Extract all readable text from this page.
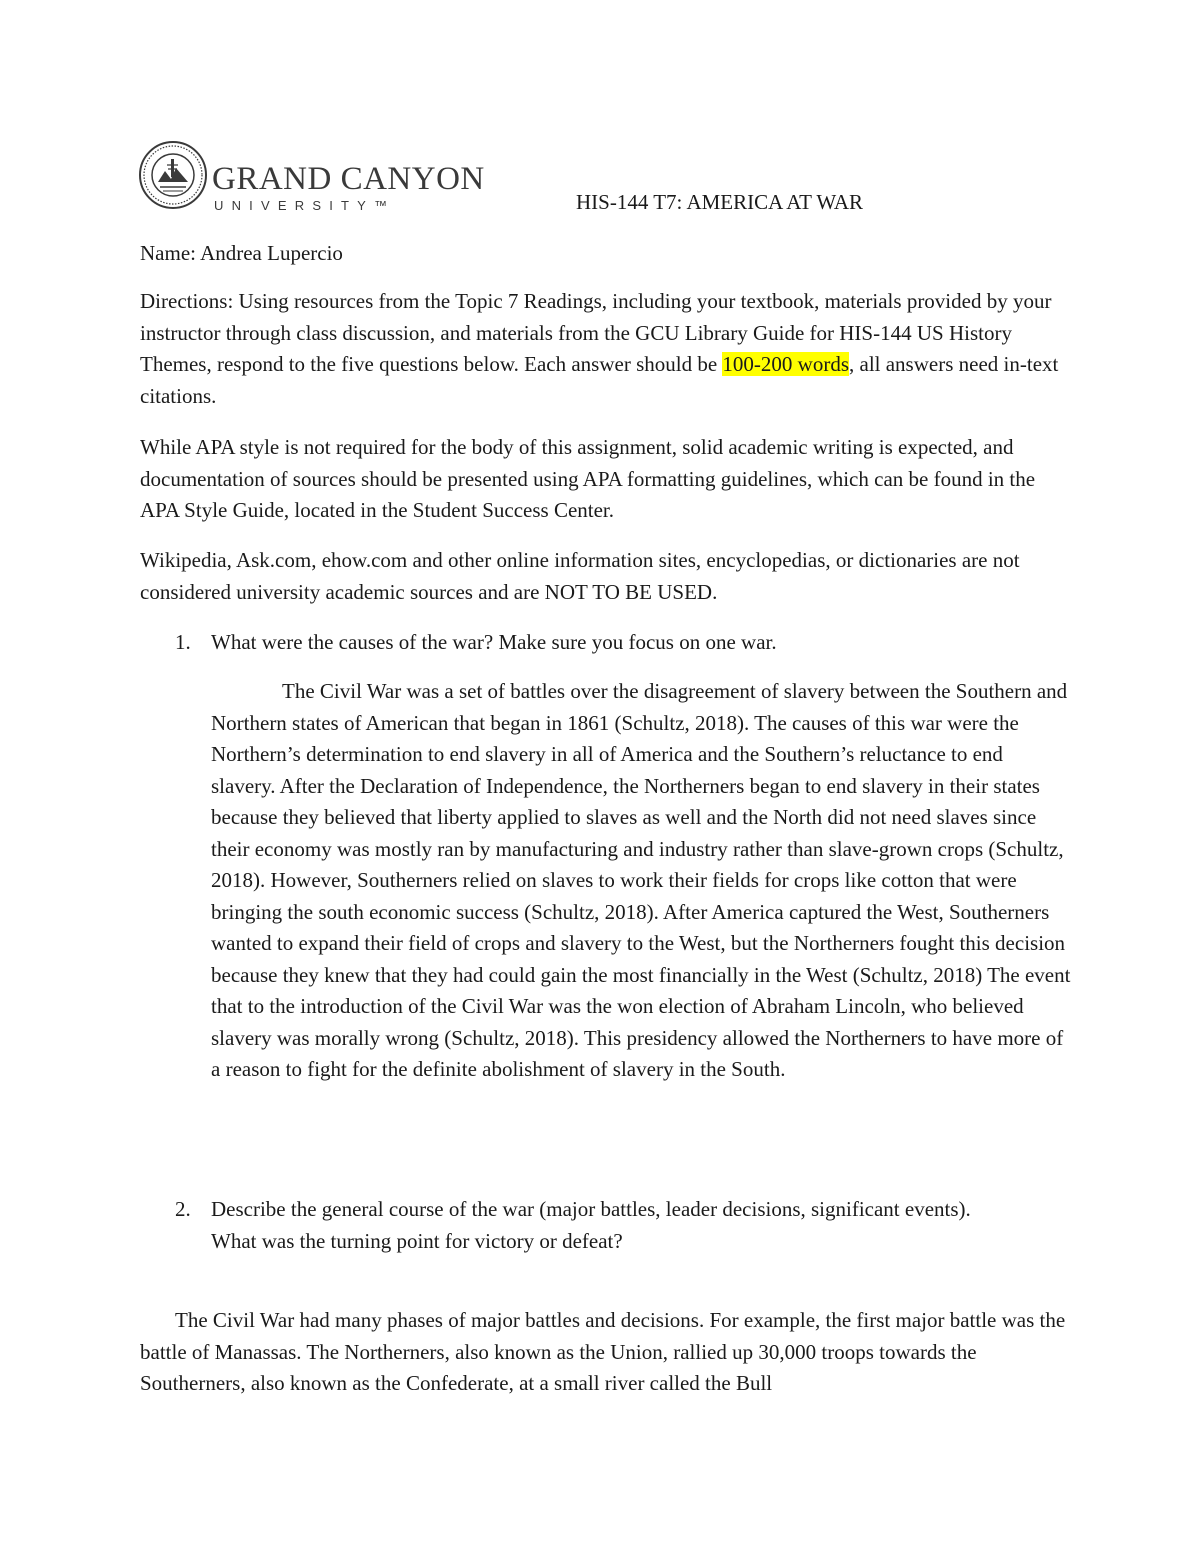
GRAND CANYON
UNIVERSITY™	HIS-144 T7: AMERICA AT WAR

Name: Andrea Lupercio

Directions: Using resources from the Topic 7 Readings, including your textbook, materials provided by your instructor through class discussion, and materials from the GCU Library Guide for HIS-144 US History Themes, respond to the five questions below. Each answer should be 100-200 words, all answers need in-text citations.

While APA style is not required for the body of this assignment, solid academic writing is expected, and documentation of sources should be presented using APA formatting guidelines, which can be found in the APA Style Guide, located in the Student Success Center.

Wikipedia, Ask.com, ehow.com and other online information sites, encyclopedias, or dictionaries are not considered university academic sources and are NOT TO BE USED.

1. What were the causes of the war? Make sure you focus on one war.

The Civil War was a set of battles over the disagreement of slavery between the Southern and Northern states of American that began in 1861 (Schultz, 2018). The causes of this war were the Northern’s determination to end slavery in all of America and the Southern’s reluctance to end slavery. After the Declaration of Independence, the Northerners began to end slavery in their states because they believed that liberty applied to slaves as well and the North did not need slaves since their economy was mostly ran by manufacturing and industry rather than slave-grown crops (Schultz, 2018). However, Southerners relied on slaves to work their fields for crops like cotton that were bringing the south economic success (Schultz, 2018). After America captured the West, Southerners wanted to expand their field of crops and slavery to the West, but the Northerners fought this decision because they knew that they had could gain the most financially in the West (Schultz, 2018) The event that to the introduction of the Civil War was the won election of Abraham Lincoln, who believed slavery was morally wrong (Schultz, 2018). This presidency allowed the Northerners to have more of a reason to fight for the definite abolishment of slavery in the South.

2. Describe the general course of the war (major battles, leader decisions, significant events). What was the turning point for victory or defeat?

The Civil War had many phases of major battles and decisions. For example, the first major battle was the battle of Manassas. The Northerners, also known as the Union, rallied up 30,000 troops towards the Southerners, also known as the Confederate, at a small river called the Bull
